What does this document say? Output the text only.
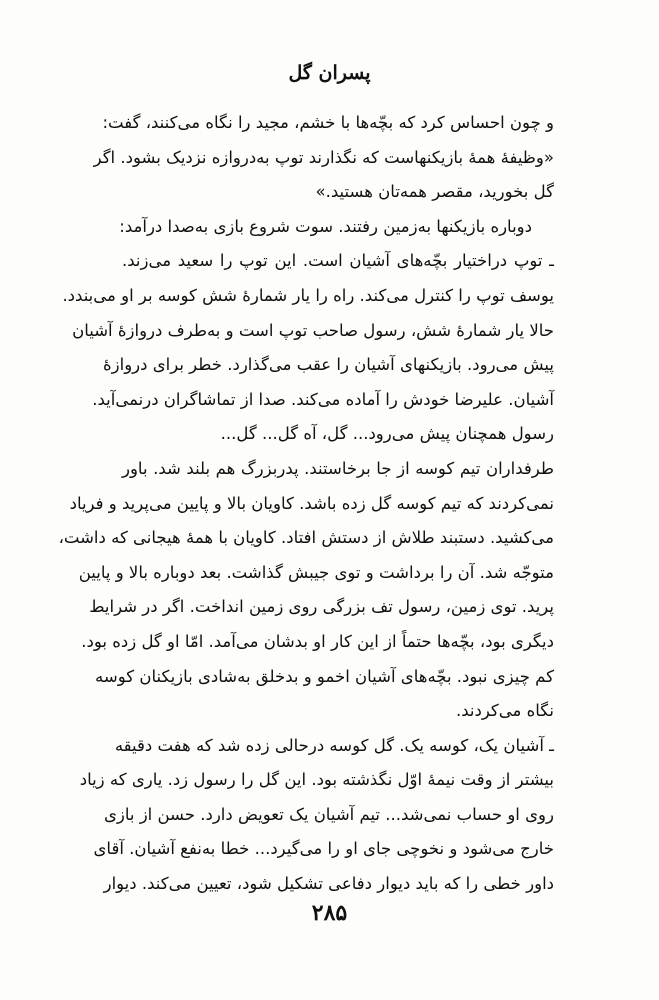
پسران گل
و چون احساس کرد که بچّه‌ها با خشم، مجید را نگاه می‌کنند، گفت:
«وظیفهٔ همهٔ بازیکنهاست که نگذارند توپ به‌دروازه نزدیک بشود. اگر
گل بخورید، مقصر همه‌تان هستید.»
دوباره بازیکنها به‌زمین رفتند. سوت شروع بازی به‌صدا درآمد:
ـ توپ دراختیار بچّه‌های آشیان است. این توپ را سعید می‌زند.
یوسف توپ را کنترل می‌کند. راه را یار شمارهٔ شش کوسه بر او می‌بندد.
حالا یار شمارهٔ شش، رسول صاحب توپ است و به‌طرف دروازهٔ آشیان
پیش می‌رود. بازیکنهای آشیان را عقب می‌گذارد. خطر برای دروازهٔ
آشیان. علیرضا خودش را آماده می‌کند. صدا از تماشاگران درنمی‌آید.
رسول همچنان پیش می‌رود... گل، آه گل... گل...
طرفداران تیم کوسه از جا برخاستند. پدربزرگ هم بلند شد. باور
نمی‌کردند که تیم کوسه گل زده باشد. کاویان بالا و پایین می‌پرید و فریاد
می‌کشید. دستبند طلاش از دستش افتاد. کاویان با همهٔ هیجانی که داشت،
متوجّه شد. آن را برداشت و توی جیبش گذاشت. بعد دوباره بالا و پایین
پرید. توی زمین، رسول تف بزرگی روی زمین انداخت. اگر در شرایط
دیگری بود، بچّه‌ها حتماً از این کار او بدشان می‌آمد. امّا او گل زده بود.
کم چیزی نبود. بچّه‌های آشیان اخمو و بدخلق به‌شادی بازیکنان کوسه
نگاه می‌کردند.
ـ آشیان یک، کوسه یک. گل کوسه درحالی زده شد که هفت دقیقه
بیشتر از وقت نیمهٔ اوّل نگذشته بود. این گل را رسول زد. یاری که زیاد
روی او حساب نمی‌شد... تیم آشیان یک تعویض دارد. حسن از بازی
خارج می‌شود و نخوچی جای او را می‌گیرد... خطا به‌نفع آشیان. آقای
داور خطی را که باید دیوار دفاعی تشکیل شود، تعیین می‌کند. دیوار
۲۸۵
